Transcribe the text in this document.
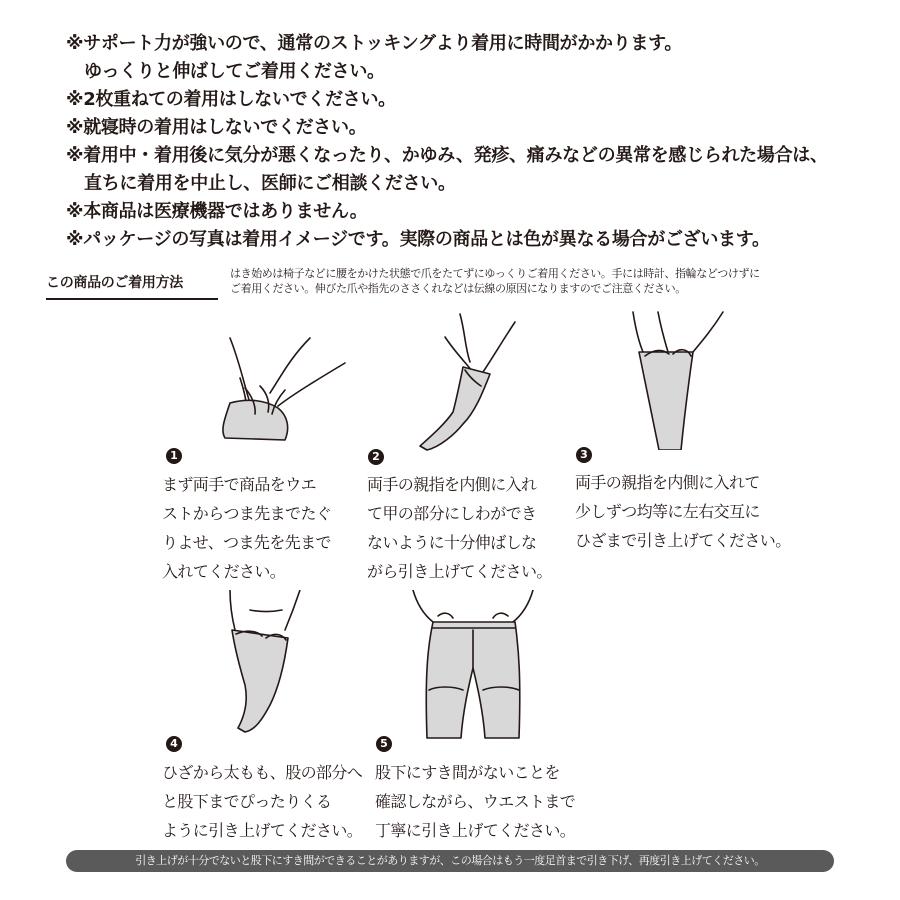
※サポート力が強いので、通常のストッキングより着用に時間がかかります。
ゆっくりと伸ばしてご着用ください。
※2枚重ねての着用はしないでください。
※就寝時の着用はしないでください。
※着用中・着用後に気分が悪くなったり、かゆみ、発疹、痛みなどの異常を感じられた場合は、
直ちに着用を中止し、医師にご相談ください。
※本商品は医療機器ではありません。
※パッケージの写真は着用イメージです。実際の商品とは色が異なる場合がございます。
この商品のご着用方法
はき始めは椅子などに腰をかけた状態で爪をたてずにゆっくりご着用ください。手には時計、指輪などつけずに
ご着用ください。伸びた爪や指先のささくれなどは伝線の原因になりますのでご注意ください。
1
まず両手で商品をウエ
ストからつま先までたぐ
りよせ、つま先を先まで
入れてください。
2
両手の親指を内側に入れ
て甲の部分にしわができ
ないように十分伸ばしな
がら引き上げてください。
3
両手の親指を内側に入れて
少しずつ均等に左右交互に
ひざまで引き上げてください。
4
ひざから太もも、股の部分へ
と股下までぴったりくる
ように引き上げてください。
5
股下にすき間がないことを
確認しながら、ウエストまで
丁寧に引き上げてください。
引き上げが十分でないと股下にすき間ができることがありますが、この場合はもう一度足首まで引き下げ、再度引き上げてください。
